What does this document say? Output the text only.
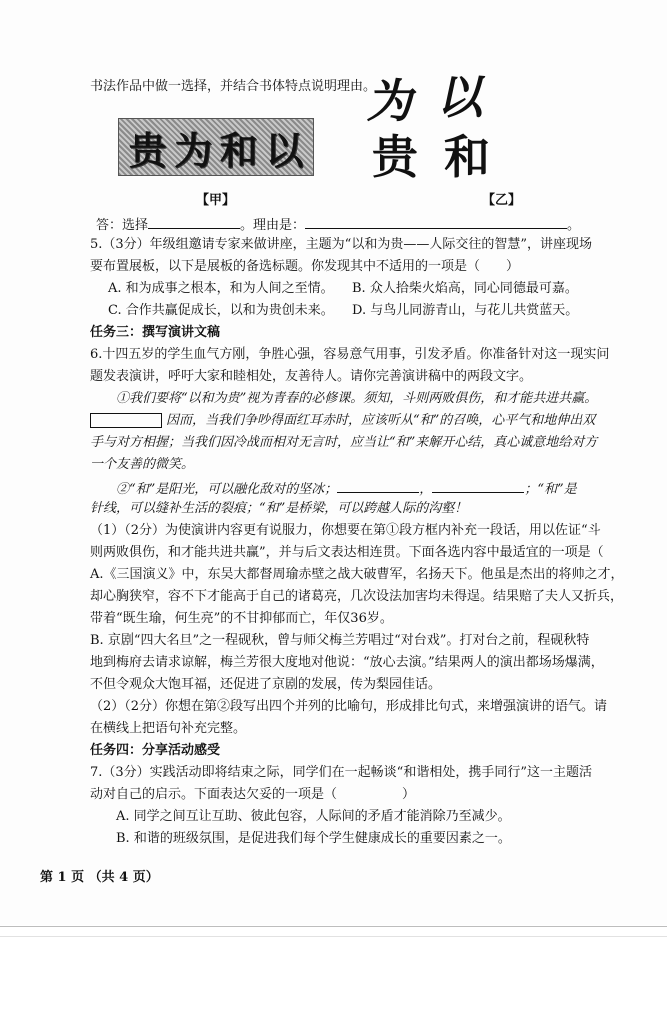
书法作品中做一选择，并结合书体特点说明理由。
贵 为 和 以
为 以
贵 和
【甲】	【乙】
答：选择	。理由是：	。
5.（3分）年级组邀请专家来做讲座，主题为“以和为贵——人际交往的智慧”，讲座现场
要布置展板，以下是展板的备选标题。你发现其中不适用的一项是（　　）
A. 和为成事之根本，和为人间之至情。 B. 众人拾柴火焰高，同心同德最可嘉。
C. 合作共赢促成长，以和为贵创未来。 D. 与鸟儿同游青山，与花儿共赏蓝天。
任务三：撰写演讲文稿
6.十四五岁的学生血气方刚，争胜心强，容易意气用事，引发矛盾。你准备针对这一现实问
题发表演讲，呼吁大家和睦相处，友善待人。请你完善演讲稿中的两段文字。
①我们要将“以和为贵”视为青春的必修课。须知，斗则两败俱伤，和才能共进共赢。
因而，当我们争吵得面红耳赤时，应该听从“和”的召唤，心平气和地伸出双
手与对方相握；当我们因冷战而相对无言时，应当让“和”来解开心结，真心诚意地给对方
一个友善的微笑。
②“和”是阳光，可以融化敌对的坚冰；	，	；“和”是
针线，可以缝补生活的裂痕；“和”是桥梁，可以跨越人际的沟壑！
（1）（2分）为使演讲内容更有说服力，你想要在第①段方框内补充一段话，用以佐证“斗
则两败俱伤，和才能共进共赢”，并与后文表达相连贯。下面各选内容中最适宜的一项是（
A.《三国演义》中，东吴大都督周瑜赤壁之战大破曹军，名扬天下。他虽是杰出的将帅之才，
却心胸狭窄，容不下才能高于自己的诸葛亮，几次设法加害均未得逞。结果赔了夫人又折兵，
带着“既生瑜，何生亮”的不甘抑郁而亡，年仅36岁。
B. 京剧“四大名旦”之一程砚秋，曾与师父梅兰芳唱过“对台戏”。打对台之前，程砚秋特
地到梅府去请求谅解，梅兰芳很大度地对他说：“放心去演。”结果两人的演出都场场爆满，
不但令观众大饱耳福，还促进了京剧的发展，传为梨园佳话。
（2）（2分）你想在第②段写出四个并列的比喻句，形成排比句式，来增强演讲的语气。请
在横线上把语句补充完整。
任务四：分享活动感受
7.（3分）实践活动即将结束之际，同学们在一起畅谈“和谐相处，携手同行”这一主题活
动对自己的启示。下面表达欠妥的一项是（　　　　　）
A. 同学之间互让互助、彼此包容，人际间的矛盾才能消除乃至减少。
B. 和谐的班级氛围，是促进我们每个学生健康成长的重要因素之一。
第 1 页 （共 4 页）
